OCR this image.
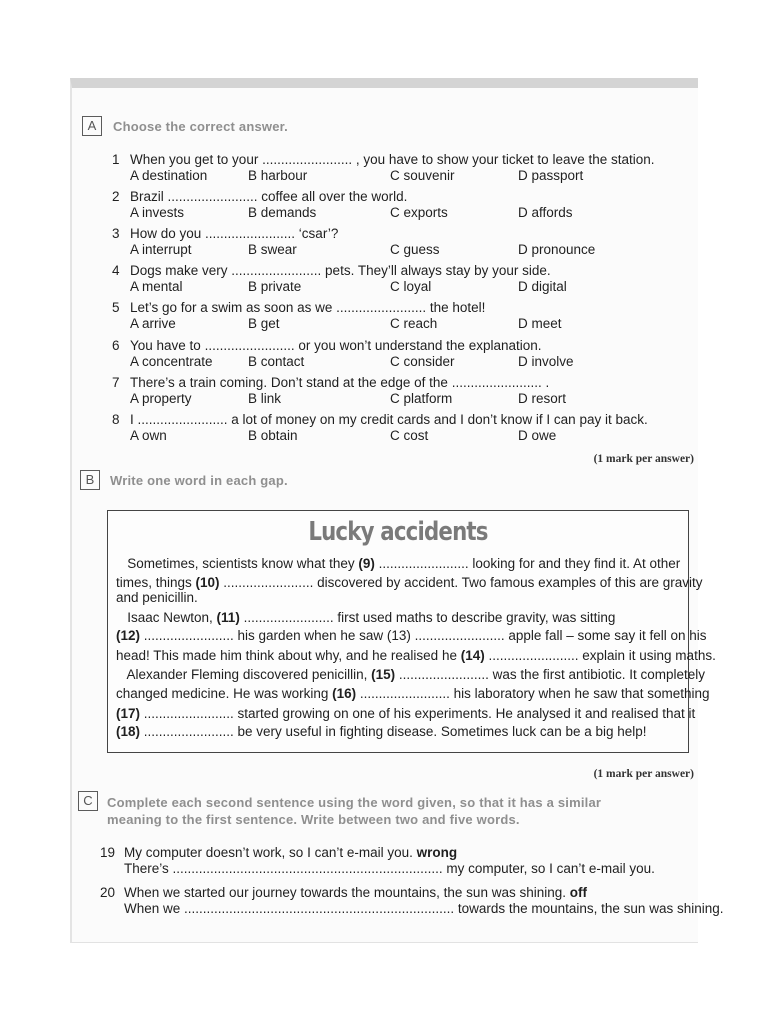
A	Choose the correct answer.
1 When you get to your ........................ , you have to show your ticket to leave the station.
A destination	B harbour	C souvenir	D passport
2 Brazil ........................ coffee all over the world.
A invests	B demands	C exports	D affords
3 How do you ........................ ‘csar’?
A interrupt	B swear	C guess	D pronounce
4 Dogs make very ........................ pets. They’ll always stay by your side.
A mental	B private	C loyal	D digital
5 Let’s go for a swim as soon as we ........................ the hotel!
A arrive	B get	C reach	D meet
6 You have to ........................ or you won’t understand the explanation.
A concentrate	B contact	C consider	D involve
7 There’s a train coming. Don’t stand at the edge of the ........................ .
A property	B link	C platform	D resort
8 I ........................ a lot of money on my credit cards and I don’t know if I can pay it back.
A own	B obtain	C cost	D owe
(1 mark per answer)
B	Write one word in each gap.
Lucky accidents
Sometimes, scientists know what they (9) ........................ looking for and they find it. At other
times, things (10) ........................ discovered by accident. Two famous examples of this are gravity
and penicillin.
Isaac Newton, (11) ........................ first used maths to describe gravity, was sitting
(12) ........................ his garden when he saw (13) ........................ apple fall – some say it fell on his
head! This made him think about why, and he realised he (14) ........................ explain it using maths.
Alexander Fleming discovered penicillin, (15) ........................ was the first antibiotic. It completely
changed medicine. He was working (16) ........................ his laboratory when he saw that something
(17) ........................ started growing on one of his experiments. He analysed it and realised that it
(18) ........................ be very useful in fighting disease. Sometimes luck can be a big help!
(1 mark per answer)
C	Complete each second sentence using the word given, so that it has a similar
meaning to the first sentence. Write between two and five words.
19 My computer doesn’t work, so I can’t e-mail you. wrong
There’s ........................................................................ my computer, so I can’t e-mail you.
20 When we started our journey towards the mountains, the sun was shining. off
When we ........................................................................ towards the mountains, the sun was shining.
